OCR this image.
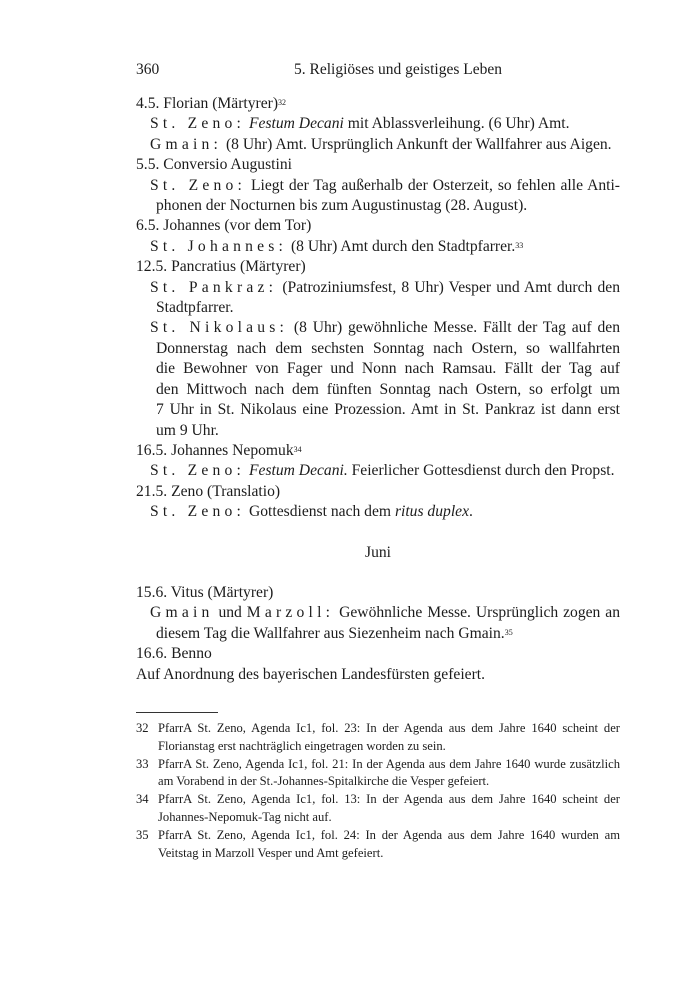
360	5. Religiöses und geistiges Leben
4.5. Florian (Märtyrer)$^{32}$
St. Zeno: Festum Decani mit Ablassverleihung. (6 Uhr) Amt.
Gmain: (8 Uhr) Amt. Ursprünglich Ankunft der Wallfahrer aus Aigen.
5.5. Conversio Augustini
St. Zeno: Liegt der Tag außerhalb der Osterzeit, so fehlen alle Anti-
phonen der Nocturnen bis zum Augustinustag (28. August).
6.5. Johannes (vor dem Tor)
St. Johannes: (8 Uhr) Amt durch den Stadtpfarrer.$^{33}$
12.5. Pancratius (Märtyrer)
St. Pankraz: (Patroziniumsfest, 8 Uhr) Vesper und Amt durch den
Stadtpfarrer.
St. Nikolaus: (8 Uhr) gewöhnliche Messe. Fällt der Tag auf den
Donnerstag nach dem sechsten Sonntag nach Ostern, so wallfahrten
die Bewohner von Fager und Nonn nach Ramsau. Fällt der Tag auf
den Mittwoch nach dem fünften Sonntag nach Ostern, so erfolgt um
7 Uhr in St. Nikolaus eine Prozession. Amt in St. Pankraz ist dann erst
um 9 Uhr.
16.5. Johannes Nepomuk$^{34}$
St. Zeno: Festum Decani. Feierlicher Gottesdienst durch den Propst.
21.5. Zeno (Translatio)
St. Zeno: Gottesdienst nach dem ritus duplex.
Juni
15.6. Vitus (Märtyrer)
Gmain und Marzoll: Gewöhnliche Messe. Ursprünglich zogen an
diesem Tag die Wallfahrer aus Siezenheim nach Gmain.$^{35}$
16.6. Benno
Auf Anordnung des bayerischen Landesfürsten gefeiert.
32 PfarrA St. Zeno, Agenda Ic1, fol. 23: In der Agenda aus dem Jahre 1640 scheint der Florianstag erst nachträglich eingetragen worden zu sein.
33 PfarrA St. Zeno, Agenda Ic1, fol. 21: In der Agenda aus dem Jahre 1640 wurde zusätzlich am Vorabend in der St.-Johannes-Spitalkirche die Vesper gefeiert.
34 PfarrA St. Zeno, Agenda Ic1, fol. 13: In der Agenda aus dem Jahre 1640 scheint der Johannes-Nepomuk-Tag nicht auf.
35 PfarrA St. Zeno, Agenda Ic1, fol. 24: In der Agenda aus dem Jahre 1640 wurden am Veitstag in Marzoll Vesper und Amt gefeiert.
